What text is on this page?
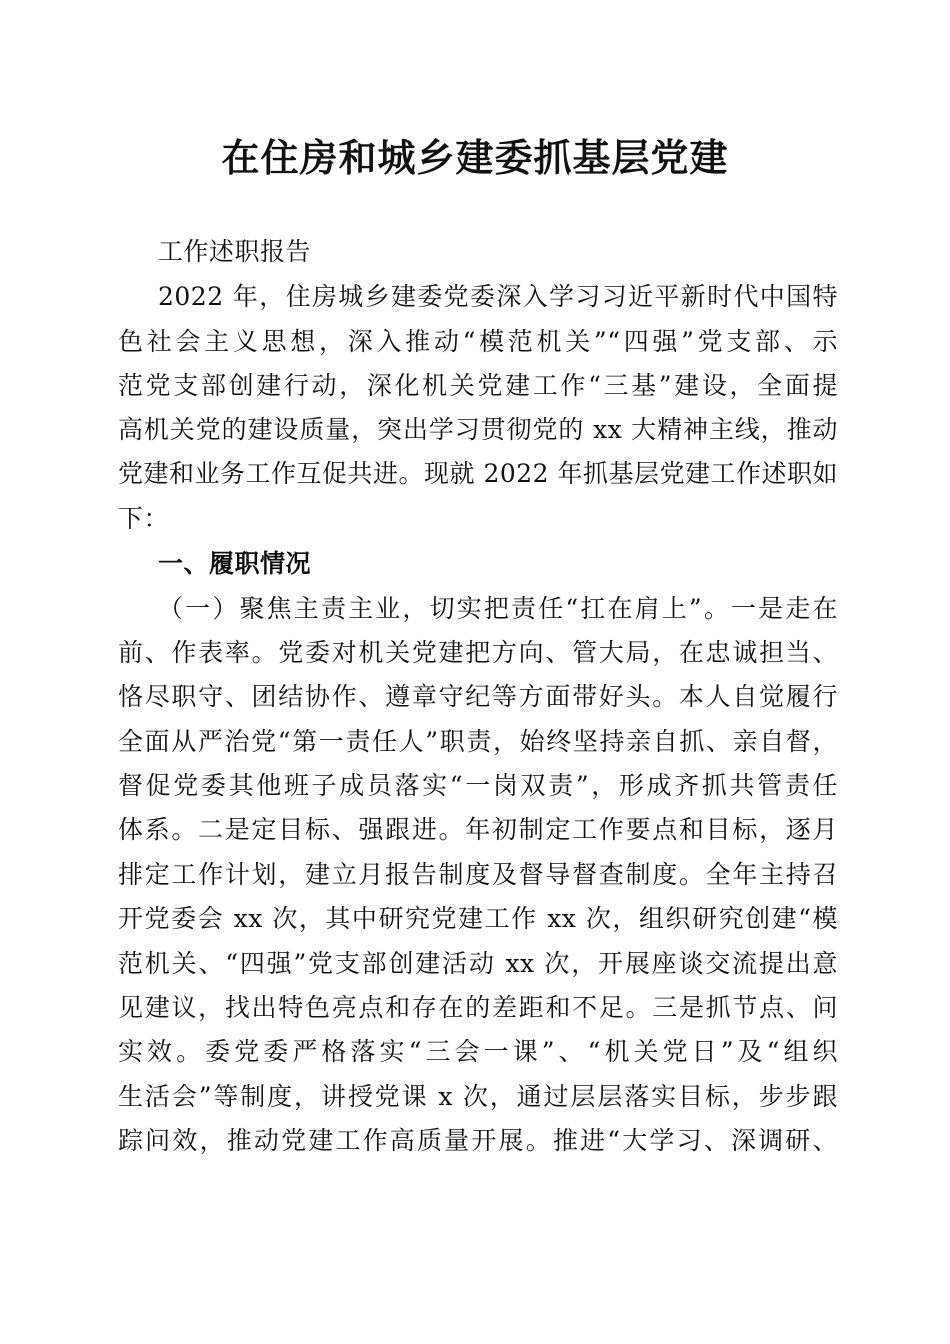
在住房和城乡建委抓基层党建
工作述职报告
2022 年，住房城乡建委党委深入学习习近平新时代中国特
色社会主义思想，深入推动“模范机关”“四强”党支部、示
范党支部创建行动，深化机关党建工作“三基”建设，全面提
高机关党的建设质量，突出学习贯彻党的 xx 大精神主线，推动
党建和业务工作互促共进。现就 2022 年抓基层党建工作述职如
下：
一、履职情况
（一）聚焦主责主业，切实把责任“扛在肩上”。一是走在
前、作表率。党委对机关党建把方向、管大局，在忠诚担当、
恪尽职守、团结协作、遵章守纪等方面带好头。本人自觉履行
全面从严治党“第一责任人”职责，始终坚持亲自抓、亲自督，
督促党委其他班子成员落实“一岗双责”，形成齐抓共管责任
体系。二是定目标、强跟进。年初制定工作要点和目标，逐月
排定工作计划，建立月报告制度及督导督查制度。全年主持召
开党委会 xx 次，其中研究党建工作 xx 次，组织研究创建“模
范机关、“四强”党支部创建活动 xx 次，开展座谈交流提出意
见建议，找出特色亮点和存在的差距和不足。三是抓节点、问
实效。委党委严格落实“三会一课”、“机关党日”及“组织
生活会”等制度，讲授党课 x 次，通过层层落实目标，步步跟
踪问效，推动党建工作高质量开展。推进“大学习、深调研、
